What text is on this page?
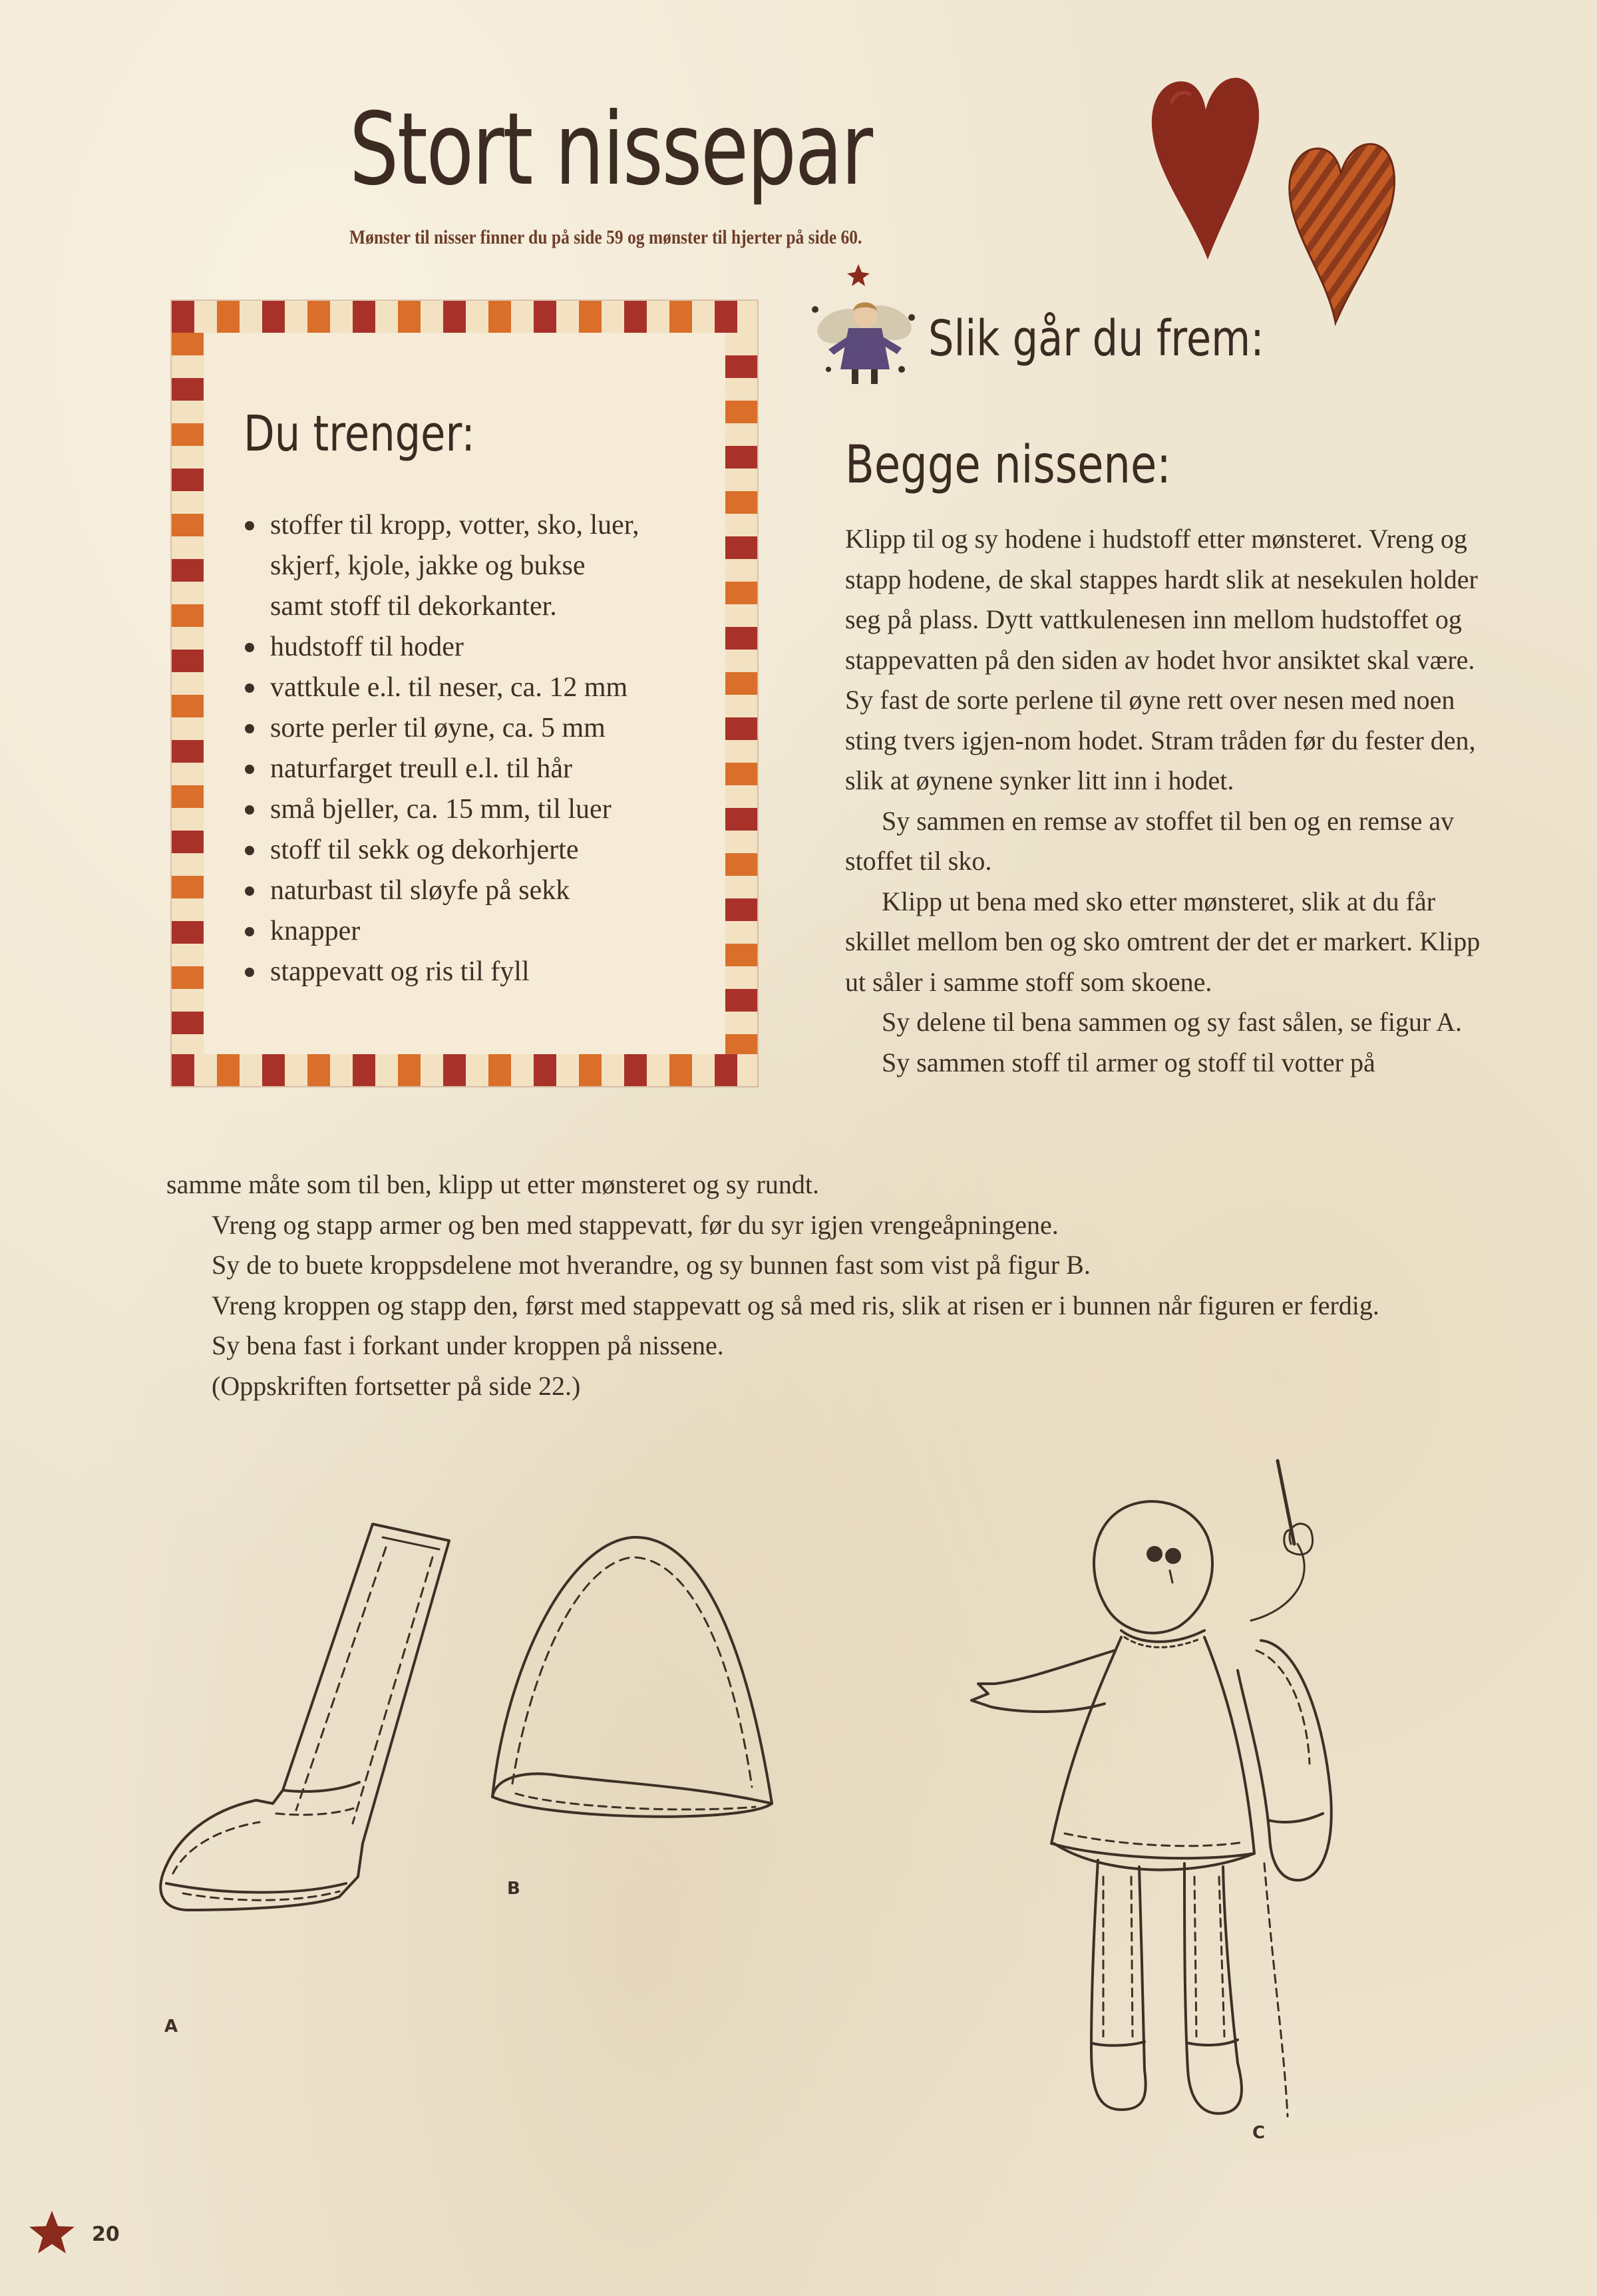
Stort nissepar
Mønster til nisser finner du på side 59 og mønster til hjerter på side 60.
Du trenger:
stoffer til kropp, votter, sko, luer,
skjerf, kjole, jakke og bukse
samt stoff til dekorkanter.
hudstoff til hoder
vattkule e.l. til neser, ca. 12 mm
sorte perler til øyne, ca. 5 mm
naturfarget treull e.l. til hår
små bjeller, ca. 15 mm, til luer
stoff til sekk og dekorhjerte
naturbast til sløyfe på sekk
knapper
stappevatt og ris til fyll
Slik går du frem:
Begge nissene:

Klipp til og sy hodene i hudstoff etter mønsteret. Vreng og stapp hodene, de skal stappes hardt slik at nesekulen holder seg på plass. Dytt vattkulenesen inn mellom hudstoffet og stappevatten på den siden av hodet hvor ansiktet skal være. Sy fast de sorte perlene til øyne rett over nesen med noen sting tvers igjen-nom hodet. Stram tråden før du fester den, slik at øynene synker litt inn i hodet.

Sy sammen en remse av stoffet til ben og en remse av stoffet til sko.

Klipp ut bena med sko etter mønsteret, slik at du får skillet mellom ben og sko omtrent der det er markert. Klipp ut såler i samme stoff som skoene.

Sy delene til bena sammen og sy fast sålen, se figur A.

Sy sammen stoff til armer og stoff til votter på

samme måte som til ben, klipp ut etter mønsteret og sy rundt.

Vreng og stapp armer og ben med stappevatt, før du syr igjen vrengeåpningene.

Sy de to buete kroppsdelene mot hverandre, og sy bunnen fast som vist på figur B.

Vreng kroppen og stapp den, først med stappevatt og så med ris, slik at risen er i bunnen når figuren er ferdig.

Sy bena fast i forkant under kroppen på nissene.

(Oppskriften fortsetter på side 22.)

A
B
C
20
